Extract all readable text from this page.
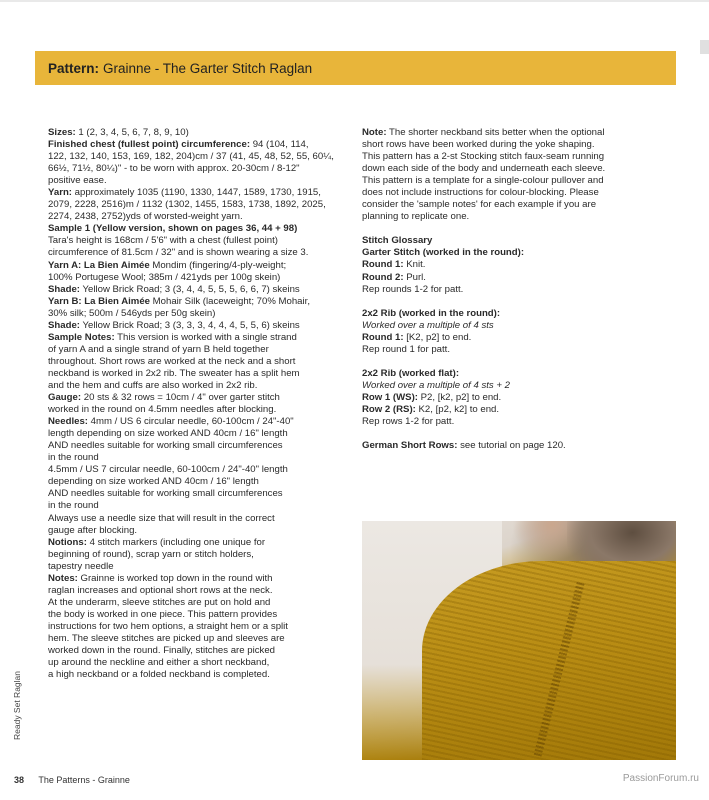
Pattern: Grainne - The Garter Stitch Raglan
Sizes: 1 (2, 3, 4, 5, 6, 7, 8, 9, 10)
Finished chest (fullest point) circumference: 94 (104, 114,
122, 132, 140, 153, 169, 182, 204)cm / 37 (41, 45, 48, 52, 55, 60¼,
66½, 71½, 80¼)" - to be worn with approx. 20-30cm / 8-12"
positive ease.
Yarn: approximately 1035 (1190, 1330, 1447, 1589, 1730, 1915,
2079, 2228, 2516)m / 1132 (1302, 1455, 1583, 1738, 1892, 2025,
2274, 2438, 2752)yds of worsted-weight yarn.
Sample 1 (Yellow version, shown on pages 36, 44 + 98)
Tara's height is 168cm / 5'6" with a chest (fullest point)
circumference of 81.5cm / 32" and is shown wearing a size 3.
Yarn A: La Bien Aimée Mondim (fingering/4-ply-weight;
100% Portugese Wool; 385m / 421yds per 100g skein)
Shade: Yellow Brick Road; 3 (3, 4, 4, 5, 5, 5, 6, 6, 7) skeins
Yarn B: La Bien Aimée Mohair Silk (laceweight; 70% Mohair,
30% silk; 500m / 546yds per 50g skein)
Shade: Yellow Brick Road; 3 (3, 3, 3, 4, 4, 4, 5, 5, 6) skeins
Sample Notes: This version is worked with a single strand
of yarn A and a single strand of yarn B held together
throughout. Short rows are worked at the neck and a short
neckband is worked in 2x2 rib. The sweater has a split hem
and the hem and cuffs are also worked in 2x2 rib.
Gauge: 20 sts & 32 rows = 10cm / 4" over garter stitch
worked in the round on 4.5mm needles after blocking.
Needles: 4mm / US 6 circular needle, 60-100cm / 24"-40"
length depending on size worked AND 40cm / 16" length
AND needles suitable for working small circumferences
in the round
4.5mm / US 7 circular needle, 60-100cm / 24"-40" length
depending on size worked AND 40cm / 16" length
AND needles suitable for working small circumferences
in the round
Always use a needle size that will result in the correct
gauge after blocking.
Notions: 4 stitch markers (including one unique for
beginning of round), scrap yarn or stitch holders,
tapestry needle
Notes: Grainne is worked top down in the round with
raglan increases and optional short rows at the neck.
At the underarm, sleeve stitches are put on hold and
the body is worked in one piece. This pattern provides
instructions for two hem options, a straight hem or a split
hem. The sleeve stitches are picked up and sleeves are
worked down in the round. Finally, stitches are picked
up around the neckline and either a short neckband,
a high neckband or a folded neckband is completed.
Note: The shorter neckband sits better when the optional
short rows have been worked during the yoke shaping.
This pattern has a 2-st Stocking stitch faux-seam running
down each side of the body and underneath each sleeve.
This pattern is a template for a single-colour pullover and
does not include instructions for colour-blocking. Please
consider the 'sample notes' for each example if you are
planning to replicate one.
Stitch Glossary
Garter Stitch (worked in the round):
Round 1: Knit.
Round 2: Purl.
Rep rounds 1-2 for patt.
2x2 Rib (worked in the round):
Worked over a multiple of 4 sts
Round 1: [K2, p2] to end.
Rep round 1 for patt.
2x2 Rib (worked flat):
Worked over a multiple of 4 sts + 2
Row 1 (WS): P2, [k2, p2] to end.
Row 2 (RS): K2, [p2, k2] to end.
Rep rows 1-2 for patt.
German Short Rows: see tutorial on page 120.
Ready Set Raglan
38 The Patterns - Grainne	PassionForum.ru
